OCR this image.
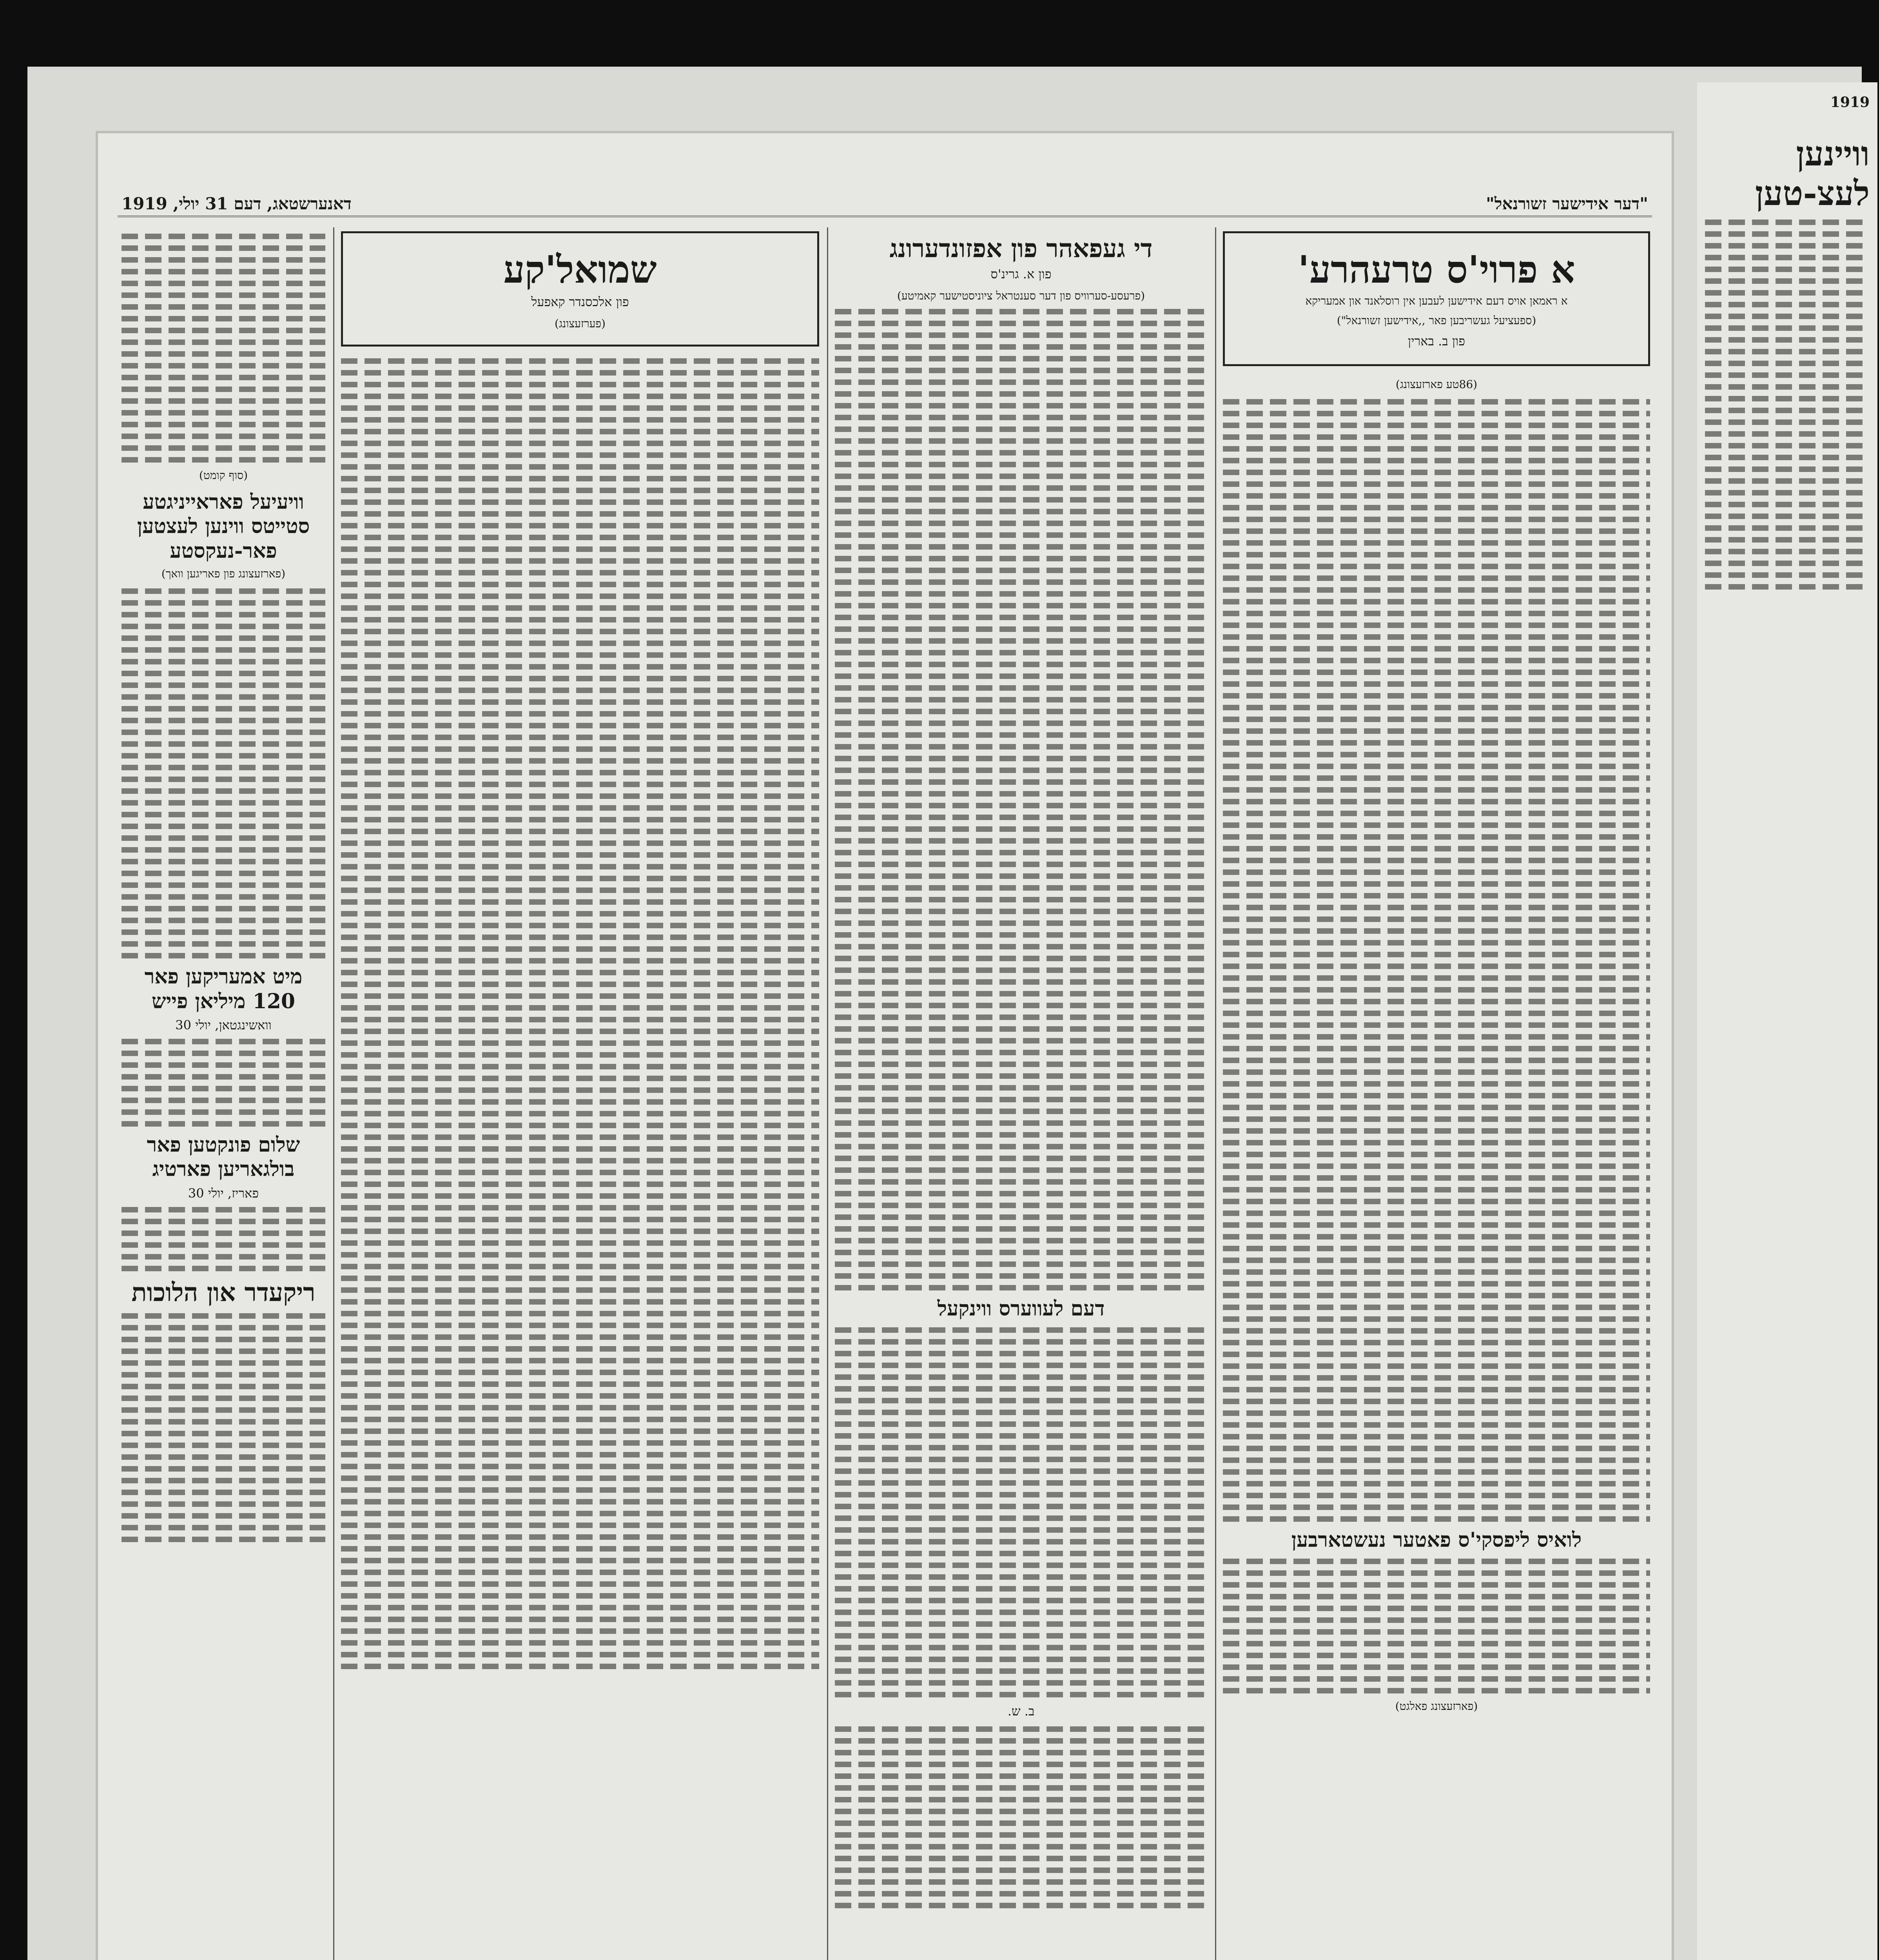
דאנערשטאג, דעם 31 יולי, 1919	"דער אידישער זשורנאל"
א פרוי'ס טרעהרע'
א ראמאן אויס דעם אידישען לעבען אין רוסלאנד און אמעריקא
(ספעציעל געשריבען פאר ,,אידישען זשורנאל")
פון ב. בארין
(86טע פארזעצונג)
לואיס ליפסקי'ס פאטער נעשטארבען
(פארזעצונג פאלגט)
די געפאהר פון אפזונדערונג
פון א. גרינ'ס
(פרעסע-סערוויס פון דער סענטראל ציוניסטישער קאמיטע)
דעם לעווערס ווינקעל
ב. ש.
שמואל'קע
פון אלכסנדר קאפעל
(פערזעצונג)
(סוף קומט)
וויעיעל פאראייניגטע סטייטס ווינען לעצטען פאר-נעקסטע
(פארזעצונג פון פאריגען וואך)
מיט אמעריקען פאר 120 מיליאן פייש
וואשינגטאן, יולי 30
שלום פונקטען פאר בולגאריען פארטיג
פאריז, יולי 30
ריקעדר און הלוכות
1919
וויינען לעצ-טען
